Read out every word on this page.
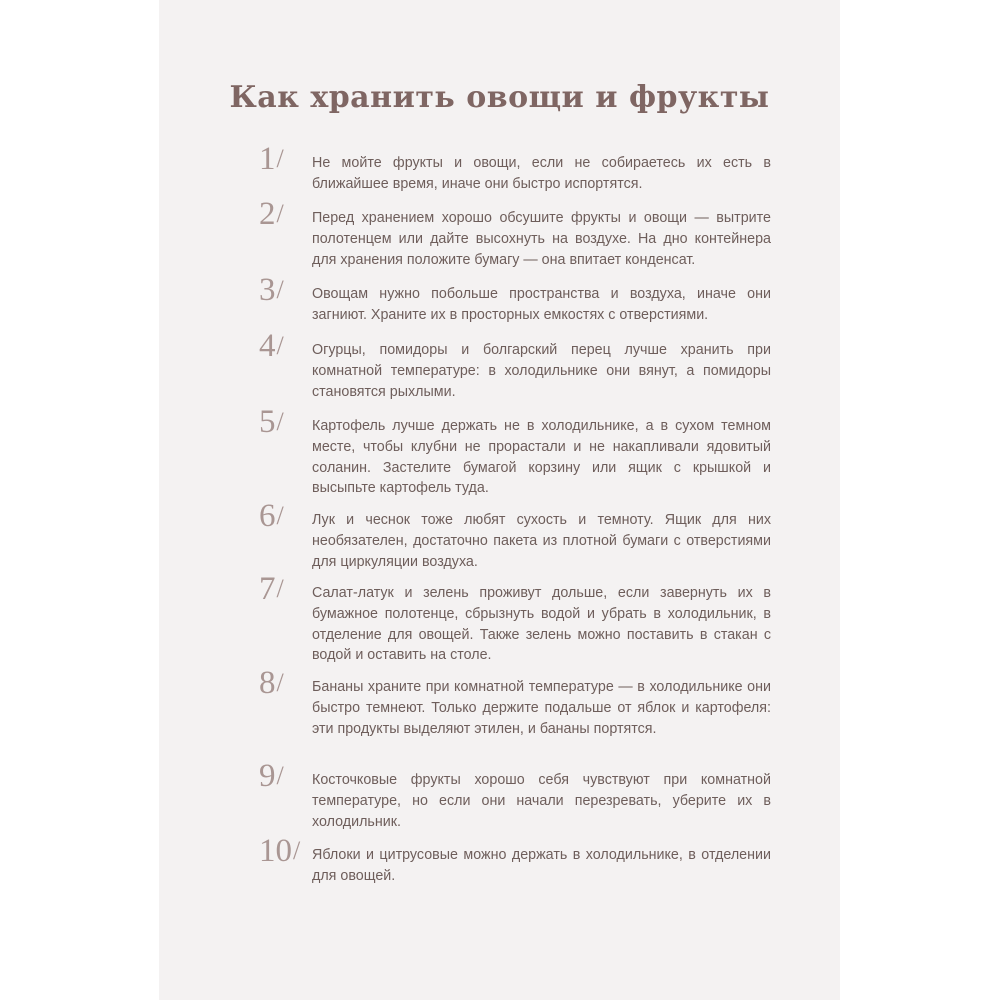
Как хранить овощи и фрукты
1/ Не мойте фрукты и овощи, если не собираетесь их есть в ближайшее время, иначе они быстро испортятся.

2/ Перед хранением хорошо обсушите фрукты и овощи — вытрите полотенцем или дайте высохнуть на воздухе. На дно контейнера для хранения положите бумагу — она впитает конденсат.

3/ Овощам нужно побольше пространства и воздуха, иначе они загниют. Храните их в просторных емкостях с отверстиями.

4/ Огурцы, помидоры и болгарский перец лучше хранить при комнатной температуре: в холодильнике они вянут, а помидоры становятся рыхлыми.

5/ Картофель лучше держать не в холодильнике, а в сухом темном месте, чтобы клубни не прорастали и не накапливали ядовитый соланин. Застелите бумагой корзину или ящик с крышкой и высыпьте картофель туда.

6/ Лук и чеснок тоже любят сухость и темноту. Ящик для них необязателен, достаточно пакета из плотной бумаги с отверстиями для циркуляции воздуха.

7/ Салат-латук и зелень проживут дольше, если завернуть их в бумажное полотенце, сбрызнуть водой и убрать в холодильник, в отделение для овощей. Также зелень можно поставить в стакан с водой и оставить на столе.

8/ Бананы храните при комнатной температуре — в холодильнике они быстро темнеют. Только держите подальше от яблок и картофеля: эти продукты выделяют этилен, и бананы портятся.

9/ Косточковые фрукты хорошо себя чувствуют при комнатной температуре, но если они начали перезревать, уберите их в холодильник.

10/ Яблоки и цитрусовые можно держать в холодильнике, в отделении для овощей.
